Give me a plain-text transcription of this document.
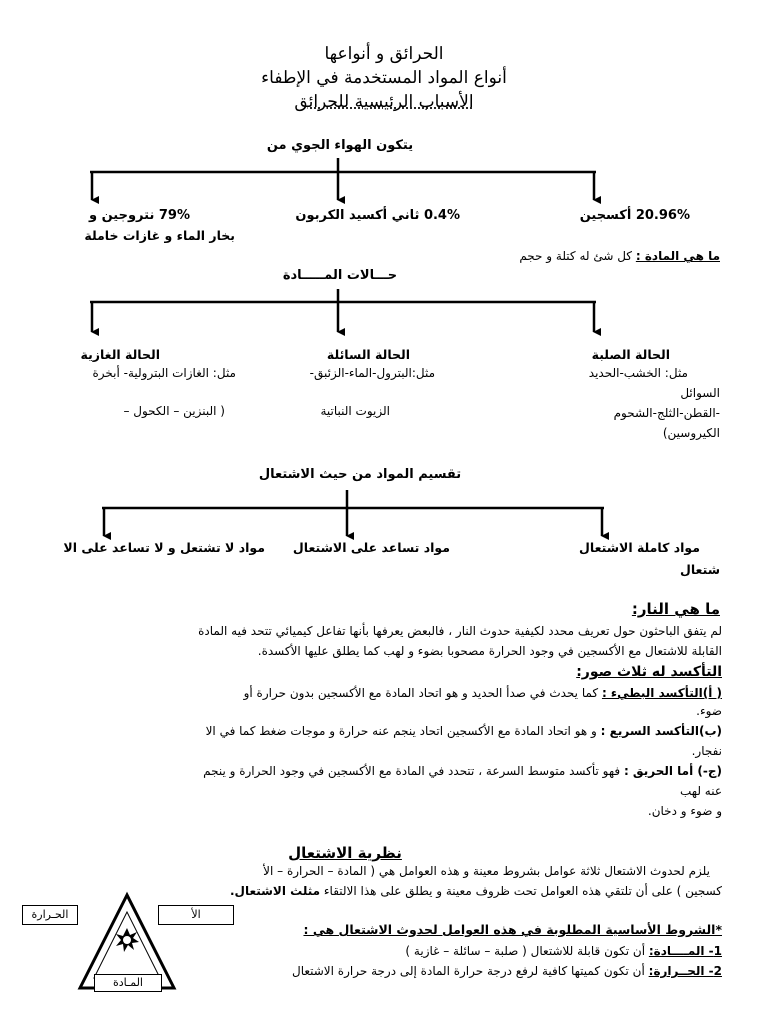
الحرائق و أنواعها
أنواع المواد المستخدمة في الإطفاء
الأسباب الرئيسية للحرائق
يتكون الهواء الجوي من
20.96% أكسجين
0.4% ثاني أكسيد الكربون
79% نتروجين و
بخار الماء و غازات خاملة
ما هي المادة : كل شئ له كتلة و حجم
حـــالات المـــــادة
الحالة الصلبة
مثل: الخشب-الحديد
السوائل
-القطن-الثلج-الشحوم
الكيروسين)
الحالة السائلة
مثل:البترول-الماء-الزئبق-
الزيوت النباتية
الحالة الغازية
مثل: الغازات البترولية- أبخرة
( البنزين – الكحول –
تقسيم المواد من حيث الاشتعال
مواد كاملة الاشتعال
شتعال
مواد تساعد على الاشتعال
مواد لا تشتعل و لا تساعد على الا
ما هي النار:
لم يتفق الباحثون حول تعريف محدد لكيفية حدوث النار ، فالبعض يعرفها بأنها تفاعل كيميائي تتحد فيه المادة
القابلة للاشتعال مع الأكسجين في وجود الحرارة مصحوبا بضوء و لهب كما يطلق عليها الأكسدة.
التأكسد له ثلاث صور:
( أ)التأكسد البطيء : كما يحدث في صدأ الحديد و هو اتحاد المادة مع الأكسجين بدون حرارة أو
ضوء.
(ب)التأكسد السريع : و هو اتحاد المادة مع الأكسجين اتحاد ينجم عنه حرارة و موجات ضغط كما في الا
نفجار.
(ج-) أما الحريق : فهو تأكسد متوسط السرعة ، تتحدد في المادة مع الأكسجين في وجود الحرارة و ينجم
عنه لهب
و ضوء و دخان.
نظرية الاشتعال
يلزم لحدوث الاشتعال ثلاثة عوامل بشروط معينة و هذه العوامل هي ( المادة – الحرارة – الأ
كسجين ) على أن تلتقي هذه العوامل تحت ظروف معينة و يطلق على هذا الالتقاء مثلث الاشتعال.
*الشروط الأساسية المطلوبة في هذه العوامل لحدوث الاشتعال هي :
1- المــــادة: أن تكون قابلة للاشتعال ( صلبة – سائلة – غازية )
2- الحــرارة: أن تكون كميتها كافية لرفع درجة حرارة المادة إلى درجة حرارة الاشتعال
الحـرارة	الأ
المـادة
